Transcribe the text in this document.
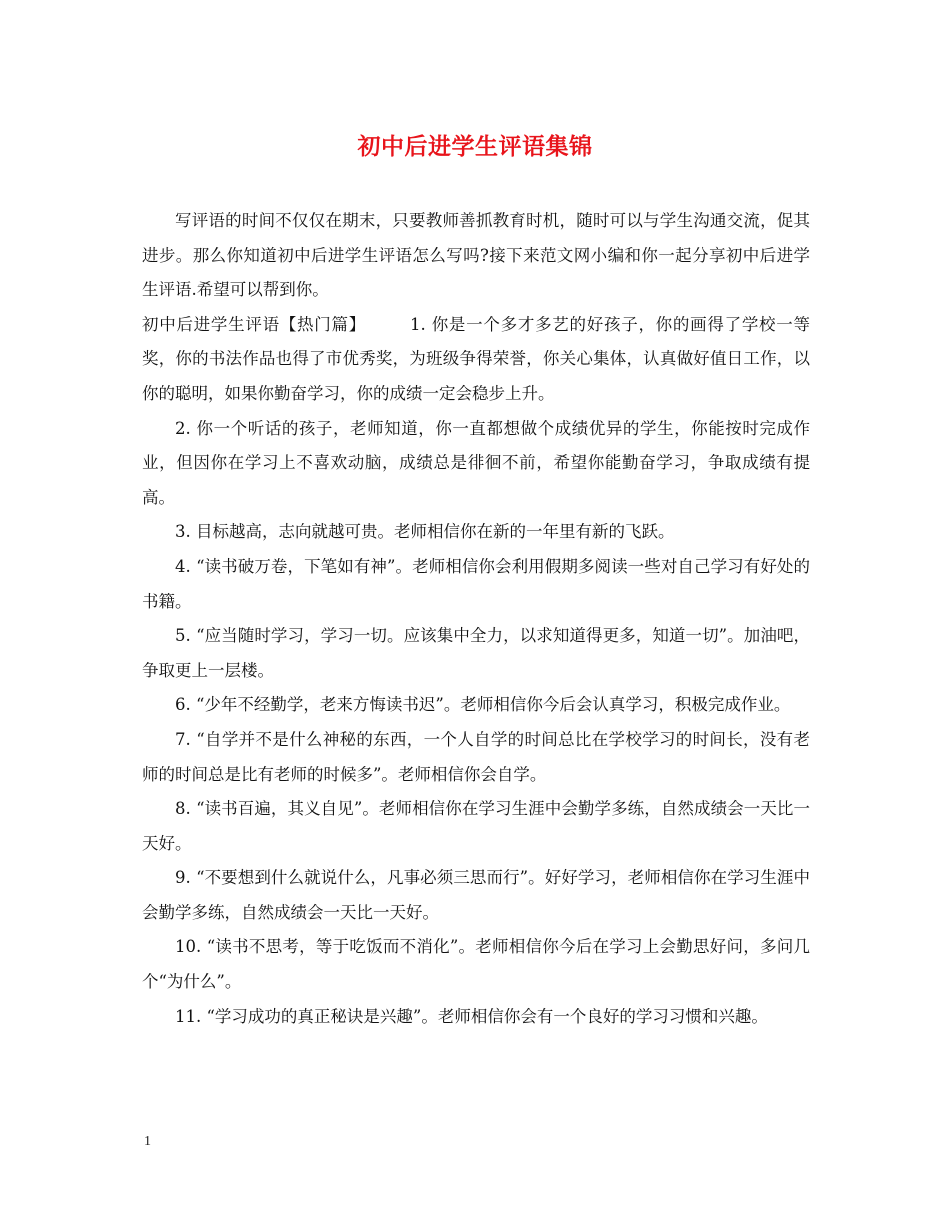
初中后进学生评语集锦

写评语的时间不仅仅在期末，只要教师善抓教育时机，随时可以与学生沟通交流，促其进步。那么你知道初中后进学生评语怎么写吗?接下来范文网小编和你一起分享初中后进学生评语.希望可以帮到你。

初中后进学生评语【热门篇】	1. 你是一个多才多艺的好孩子，你的画得了学校一等奖，你的书法作品也得了市优秀奖，为班级争得荣誉，你关心集体，认真做好值日工作，以你的聪明，如果你勤奋学习，你的成绩一定会稳步上升。

2. 你一个听话的孩子，老师知道，你一直都想做个成绩优异的学生，你能按时完成作业，但因你在学习上不喜欢动脑，成绩总是徘徊不前，希望你能勤奋学习，争取成绩有提高。

3. 目标越高，志向就越可贵。老师相信你在新的一年里有新的飞跃。

4. “读书破万卷，下笔如有神”。老师相信你会利用假期多阅读一些对自己学习有好处的书籍。

5. “应当随时学习，学习一切。应该集中全力，以求知道得更多，知道一切”。加油吧，争取更上一层楼。

6. “少年不经勤学，老来方悔读书迟”。老师相信你今后会认真学习，积极完成作业。

7. “自学并不是什么神秘的东西，一个人自学的时间总比在学校学习的时间长，没有老师的时间总是比有老师的时候多”。老师相信你会自学。

8. “读书百遍，其义自见”。老师相信你在学习生涯中会勤学多练，自然成绩会一天比一天好。

9. “不要想到什么就说什么，凡事必须三思而行”。好好学习，老师相信你在学习生涯中会勤学多练，自然成绩会一天比一天好。

10. “读书不思考，等于吃饭而不消化”。老师相信你今后在学习上会勤思好问，多问几个“为什么”。

11. “学习成功的真正秘诀是兴趣”。老师相信你会有一个良好的学习习惯和兴趣。

1
